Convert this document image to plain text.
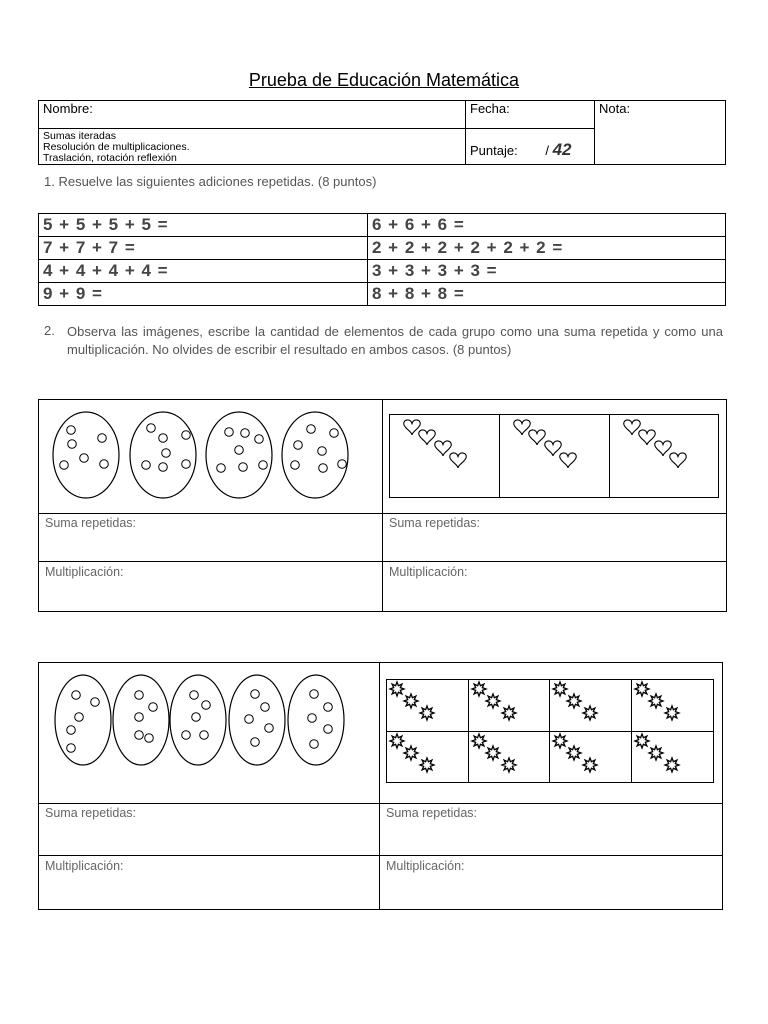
Prueba de Educación Matemática
Nombre:	Fecha:	Nota:

Sumas iteradas
Resolución de multiplicaciones.
Traslación, rotación reflexión	Puntaje: / 42	
1. Resuelve las siguientes adiciones repetidas. (8 puntos)
5 + 5 + 5 + 5 =	6 + 6 + 6 =
7 + 7 + 7 =	2 + 2 + 2 + 2 + 2 + 2 =
4 + 4 + 4 + 4 =	3 + 3 + 3 + 3 =
9 + 9 =	8 + 8 + 8 =
2. Observa las imágenes, escribe la cantidad de elementos de cada grupo como una suma repetida y como una multiplicación. No olvides de escribir el resultado en ambos casos. (8 puntos)
Suma repetidas:	Suma repetidas:
Multiplicación:	Multiplicación:
Suma repetidas:	Suma repetidas:
Multiplicación:	Multiplicación:
